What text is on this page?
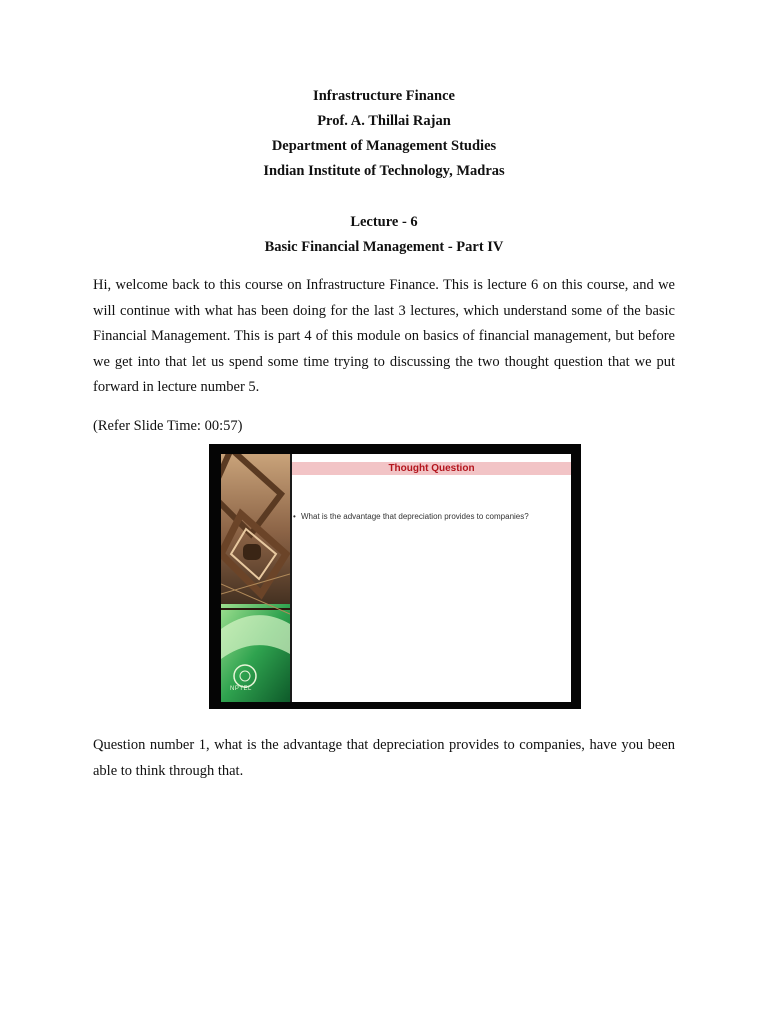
Infrastructure Finance
Prof. A. Thillai Rajan
Department of Management Studies
Indian Institute of Technology, Madras
Lecture - 6
Basic Financial Management - Part IV

Hi, welcome back to this course on Infrastructure Finance. This is lecture 6 on this course, and we will continue with what has been doing for the last 3 lectures, which understand some of the basic Financial Management. This is part 4 of this module on basics of financial management, but before we get into that let us spend some time trying to discussing the two thought question that we put forward in lecture number 5.

(Refer Slide Time: 00:57)
NPTEL
Thought Question
• What is the advantage that depreciation provides to companies?

Question number 1, what is the advantage that depreciation provides to companies, have you been able to think through that.
